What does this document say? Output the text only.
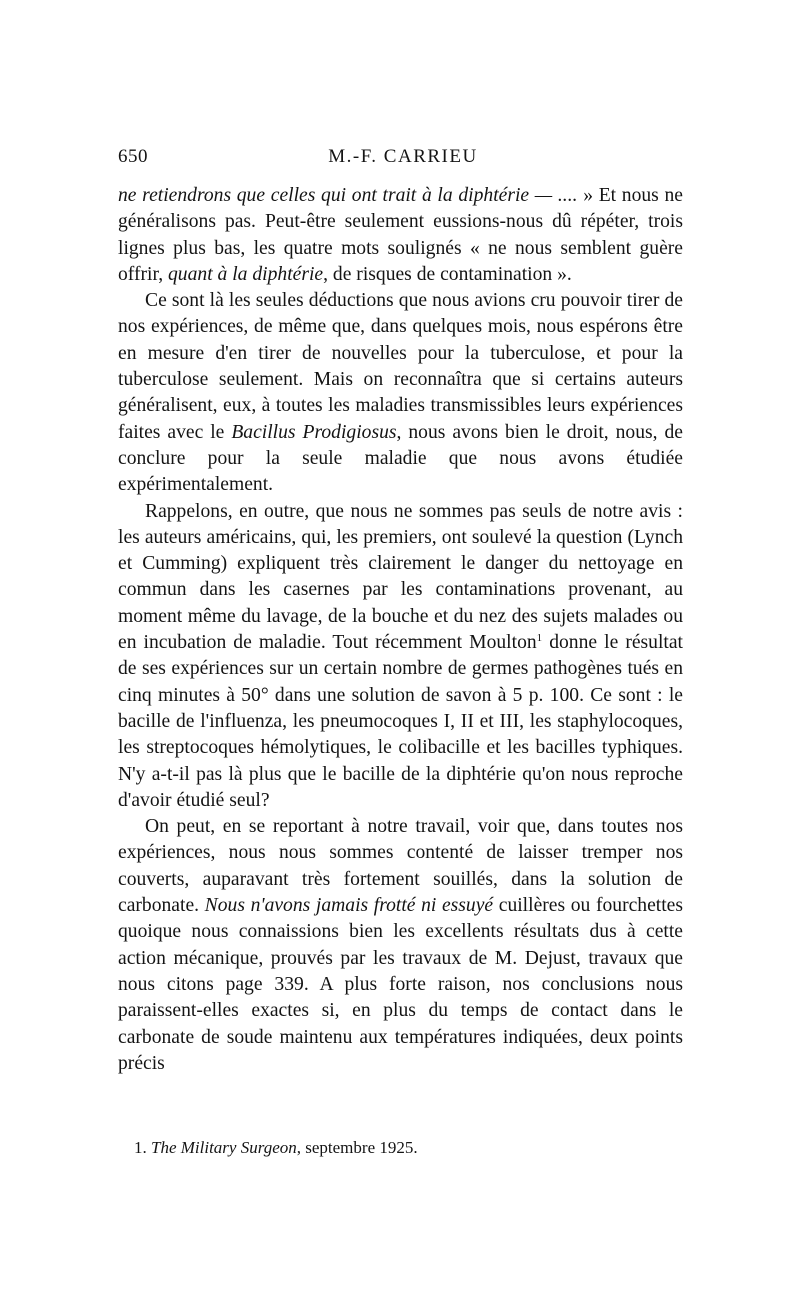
650	M.-F. CARRIEU

ne retiendrons que celles qui ont trait à la diphtérie — .... » Et nous ne généralisons pas. Peut-être seulement eussions-nous dû répéter, trois lignes plus bas, les quatre mots soulignés « ne nous semblent guère offrir, quant à la diphtérie, de risques de contamination ».

Ce sont là les seules déductions que nous avions cru pouvoir tirer de nos expériences, de même que, dans quelques mois, nous espérons être en mesure d'en tirer de nouvelles pour la tuberculose, et pour la tuberculose seulement. Mais on reconnaîtra que si certains auteurs généralisent, eux, à toutes les maladies transmissibles leurs expériences faites avec le Bacillus Prodigiosus, nous avons bien le droit, nous, de conclure pour la seule maladie que nous avons étudiée expérimentalement.

Rappelons, en outre, que nous ne sommes pas seuls de notre avis : les auteurs américains, qui, les premiers, ont soulevé la question (Lynch et Cumming) expliquent très clairement le danger du nettoyage en commun dans les casernes par les contaminations provenant, au moment même du lavage, de la bouche et du nez des sujets malades ou en incubation de maladie. Tout récemment Moulton$^1$ donne le résultat de ses expériences sur un certain nombre de germes pathogènes tués en cinq minutes à 50° dans une solution de savon à 5 p. 100. Ce sont : le bacille de l'influenza, les pneumocoques I, II et III, les staphylocoques, les streptocoques hémolytiques, le colibacille et les bacilles typhiques. N'y a-t-il pas là plus que le bacille de la diphtérie qu'on nous reproche d'avoir étudié seul?

On peut, en se reportant à notre travail, voir que, dans toutes nos expériences, nous nous sommes contenté de laisser tremper nos couverts, auparavant très fortement souillés, dans la solution de carbonate. Nous n'avons jamais frotté ni essuyé cuillères ou fourchettes quoique nous connaissions bien les excellents résultats dus à cette action mécanique, prouvés par les travaux de M. Dejust, travaux que nous citons page 339. A plus forte raison, nos conclusions nous paraissent-elles exactes si, en plus du temps de contact dans le carbonate de soude maintenu aux températures indiquées, deux points précis

1. The Military Surgeon, septembre 1925.
